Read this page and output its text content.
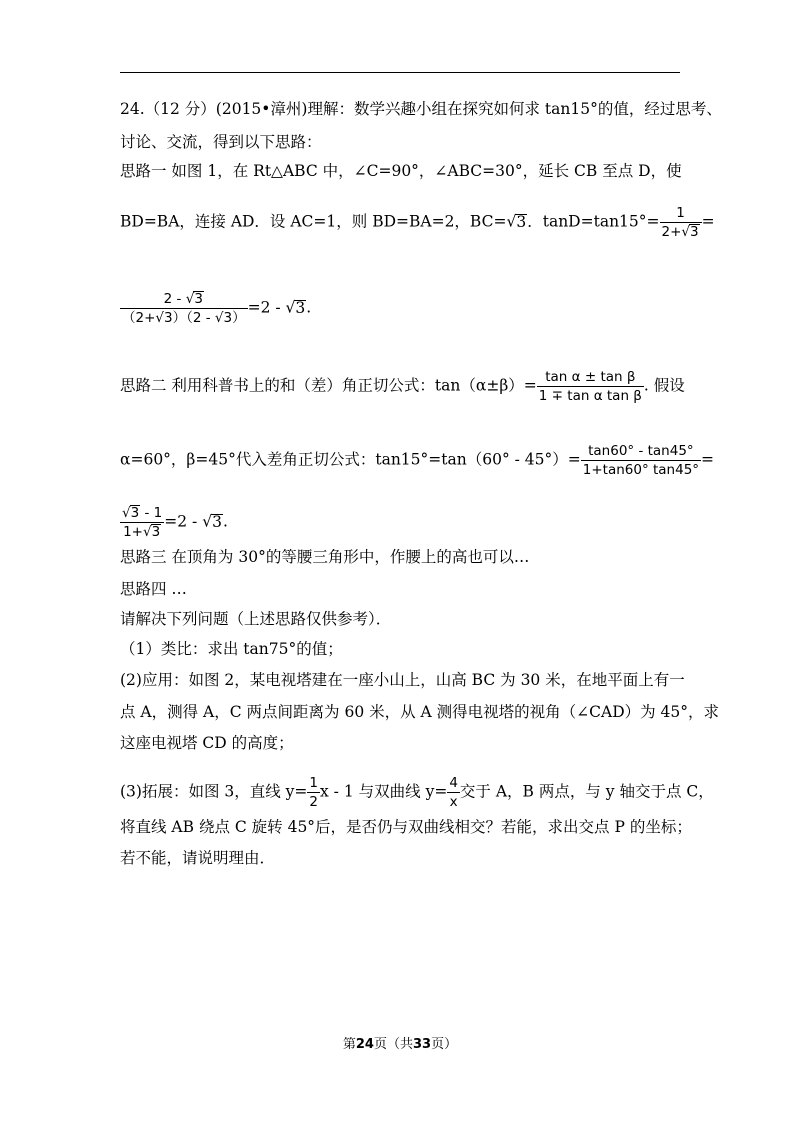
24.（12 分）(2015•漳州)理解：数学兴趣小组在探究如何求 tan15°的值，经过思考、
讨论、交流，得到以下思路：
思路一 如图 1，在 Rt△ABC 中，∠C=90°，∠ABC=30°，延长 CB 至点 D，使
BD=BA，连接 AD．设 AC=1，则 BD=BA=2，BC=√3．$\tan D=\tan 15^\circ= \frac{1}{2+√3}$ =
$\frac{2 - √3}{(2+√3)(2 - √3)} =2 - √3$.
思路二 利用科普书上的和（差）角正切公式：$\tan(\alpha\pm\beta)= \frac{\text{tan α ± tan β}}{\text{1 ∓ tan α tan β}}$ . 假设
α=60°，β=45°代入差角正切公式：$\tan 15^\circ=\tan(60^\circ - 45^\circ)= \frac{\tan 60^\circ - \tan 45^\circ}{1+\tan 60^\circ \tan 45^\circ}$ =
$\frac{√3 - 1}{1+√3} =2 - √3$.
思路三 在顶角为 30°的等腰三角形中，作腰上的高也可以…
思路四 …
请解决下列问题（上述思路仅供参考）．
（1）类比：求出 tan75°的值；
(2)应用：如图 2，某电视塔建在一座小山上，山高 BC 为 30 米，在地平面上有一
点 A，测得 A，C 两点间距离为 60 米，从 A 测得电视塔的视角（∠CAD）为 45°，求
这座电视塔 CD 的高度；
(3)拓展：如图 3，直线 $y= \frac{1}{2}$ x - 1 与双曲线 $y= \frac{4}{x}$ 交于 A，B 两点，与 y 轴交于点 C，
将直线 AB 绕点 C 旋转 45°后，是否仍与双曲线相交？若能，求出交点 P 的坐标；
若不能，请说明理由．
第24页（共33页）
